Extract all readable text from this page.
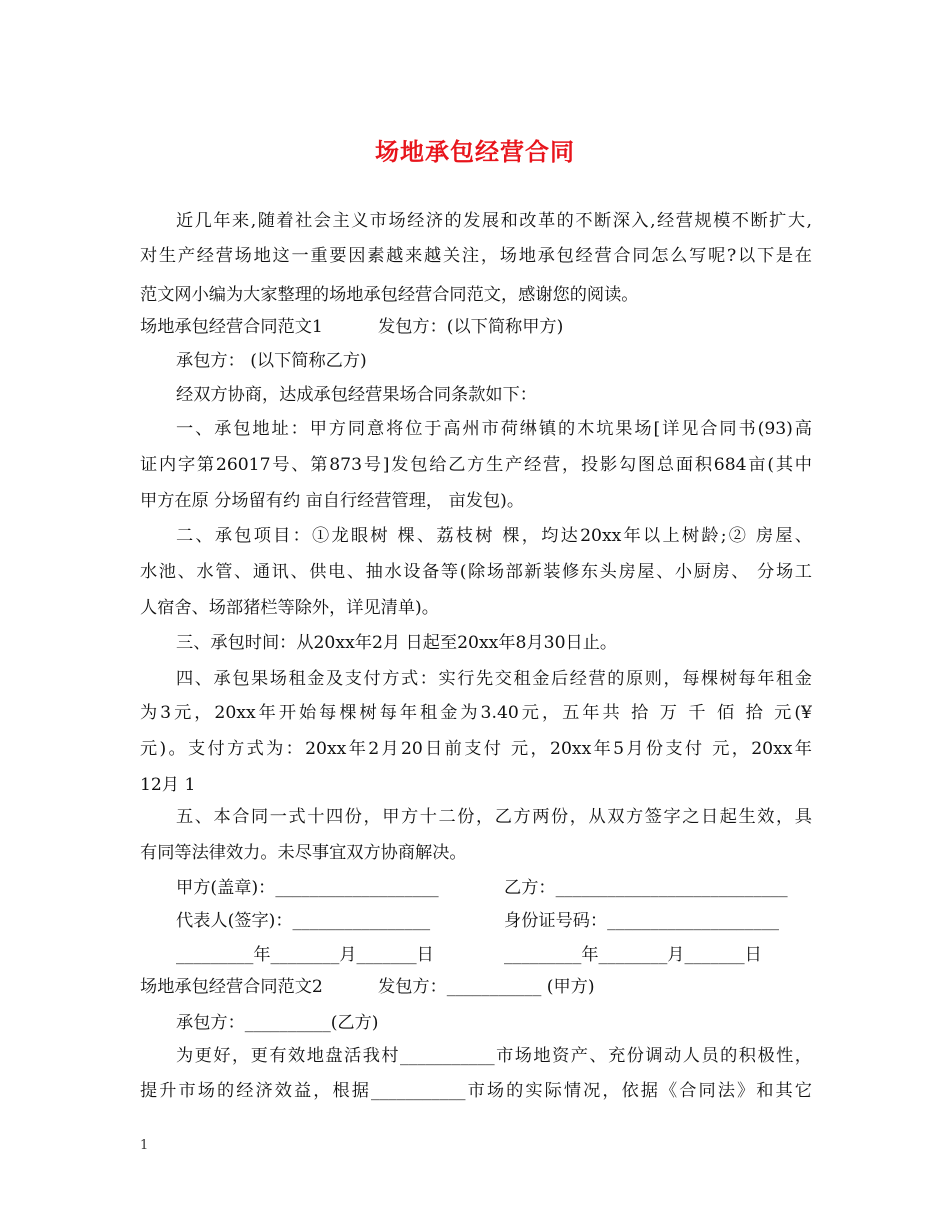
场地承包经营合同
近几年来,随着社会主义市场经济的发展和改革的不断深入,经营规模不断扩大,
对生产经营场地这一重要因素越来越关注，场地承包经营合同怎么写呢?以下是在
范文网小编为大家整理的场地承包经营合同范文，感谢您的阅读。
场地承包经营合同范文1	发包方：(以下简称甲方)
承包方： (以下简称乙方)
经双方协商，达成承包经营果场合同条款如下：
一、承包地址：甲方同意将位于高州市荷𬘭镇的木坑果场[详见合同书(93)高
证内字第26017号、第873号]发包给乙方生产经营，投影勾图总面积684亩(其中
甲方在原 分场留有约 亩自行经营管理， 亩发包)。
二、承包项目：①龙眼树 棵、荔枝树 棵，均达20xx年以上树龄;② 房屋、
水池、水管、通讯、供电、抽水设备等(除场部新装修东头房屋、小厨房、 分场工
人宿舍、场部猪栏等除外，详见清单)。
三、承包时间：从20xx年2月 日起至20xx年8月30日止。
四、承包果场租金及支付方式：实行先交租金后经营的原则，每棵树每年租金
为3元，20xx年开始每棵树每年租金为3.40元，五年共 拾 万 千 佰 拾 元(¥
元)。支付方式为：20xx年2月20日前支付 元，20xx年5月份支付 元，20xx年
12月 1
五、本合同一式十四份，甲方十二份，乙方两份，从双方签字之日起生效，具
有同等法律效力。未尽事宜双方协商解决。
甲方(盖章)：___________________	乙方：___________________________
代表人(签字)：________________	身份证号码：____________________
_________年________月_______日	_________年________月_______日
场地承包经营合同范文2	发包方：___________ (甲方)
承包方：__________(乙方)
为更好，更有效地盘活我村___________市场地资产、充份调动人员的积极性，
提升市场的经济效益，根据___________市场的实际情况，依据《合同法》和其它
1
